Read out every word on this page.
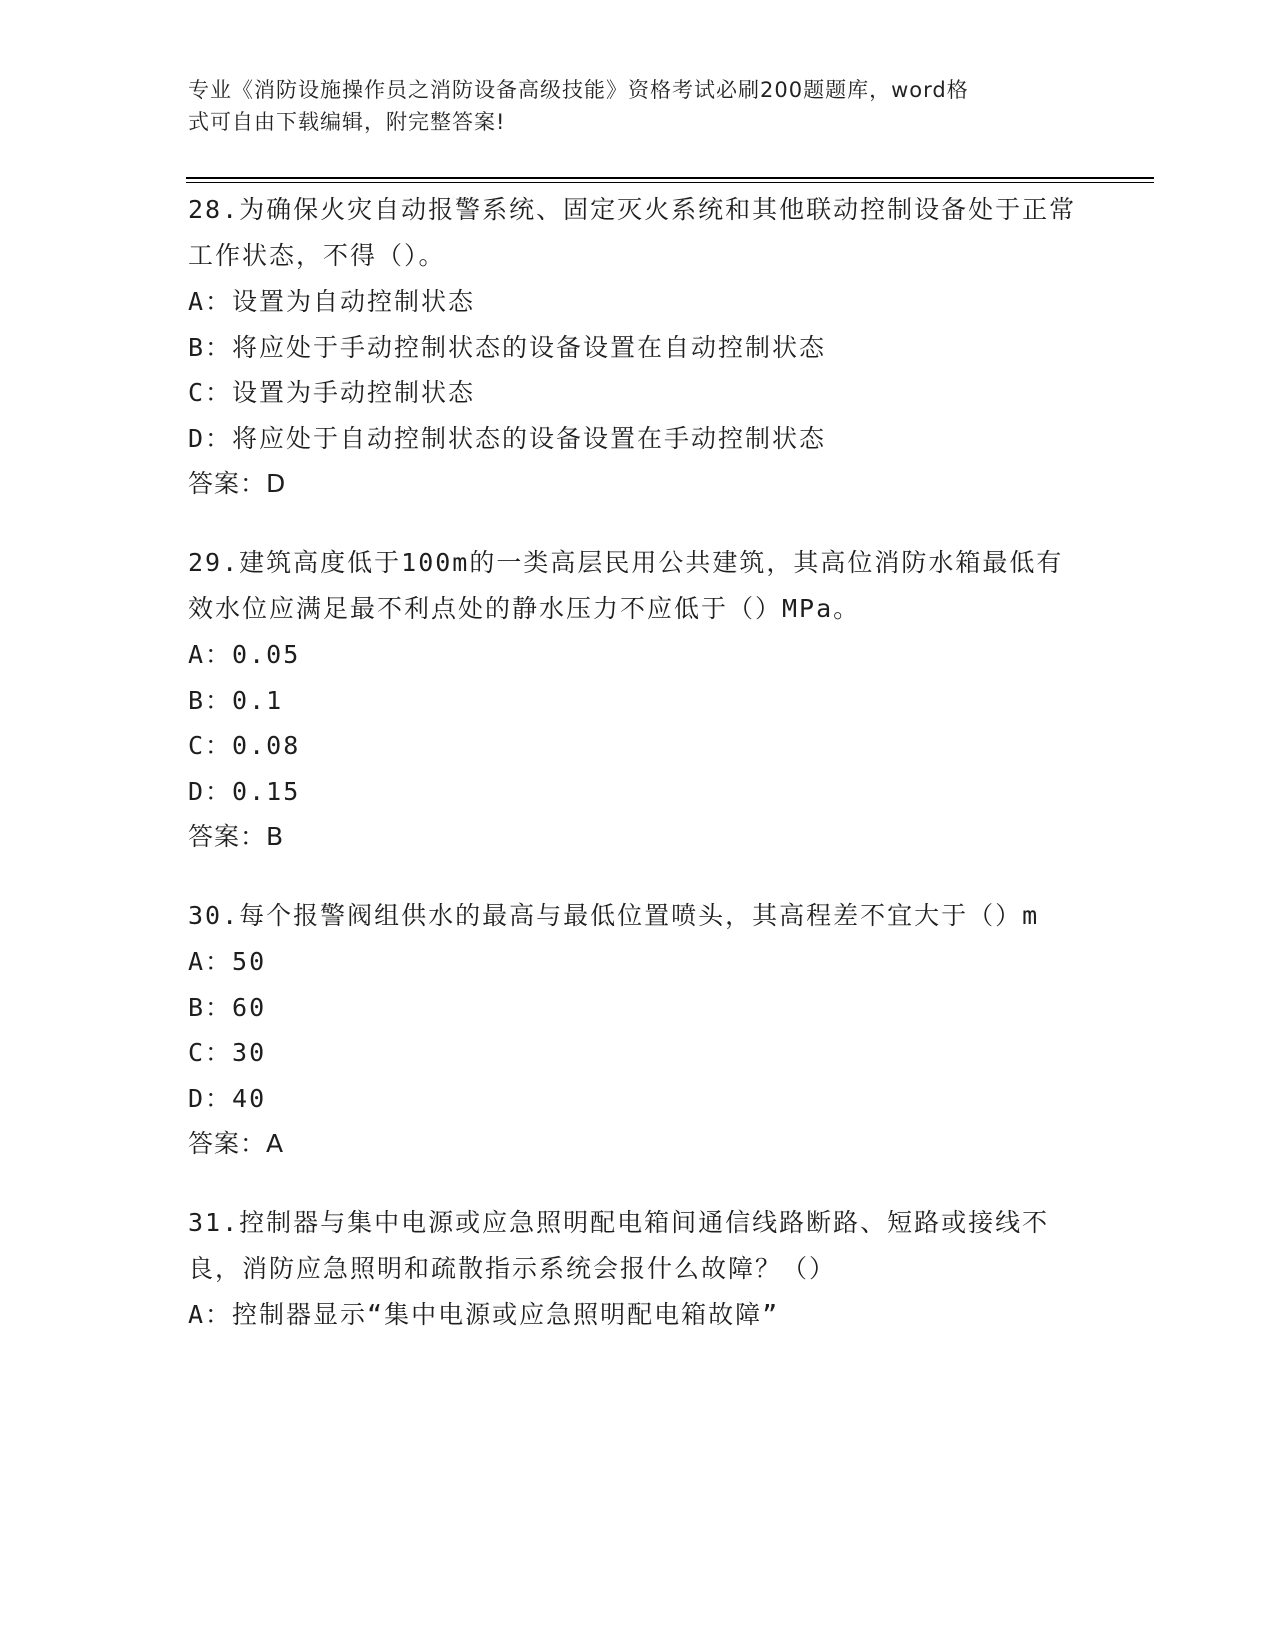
专业《消防设施操作员之消防设备高级技能》资格考试必刷200题题库，word格
式可自由下载编辑，附完整答案!
28.为确保火灾自动报警系统、固定灭火系统和其他联动控制设备处于正常工作状态，不得（）。
A：设置为自动控制状态
B：将应处于手动控制状态的设备设置在自动控制状态
C：设置为手动控制状态
D：将应处于自动控制状态的设备设置在手动控制状态
答案：D
29.建筑高度低于100m的一类高层民用公共建筑，其高位消防水箱最低有效水位应满足最不利点处的静水压力不应低于（）MPa。
A：0.05
B：0.1
C：0.08
D：0.15
答案：B
30.每个报警阀组供水的最高与最低位置喷头，其高程差不宜大于（）m
A：50
B：60
C：30
D：40
答案：A
31.控制器与集中电源或应急照明配电箱间通信线路断路、短路或接线不良，消防应急照明和疏散指示系统会报什么故障？（）
A：控制器显示“集中电源或应急照明配电箱故障”
